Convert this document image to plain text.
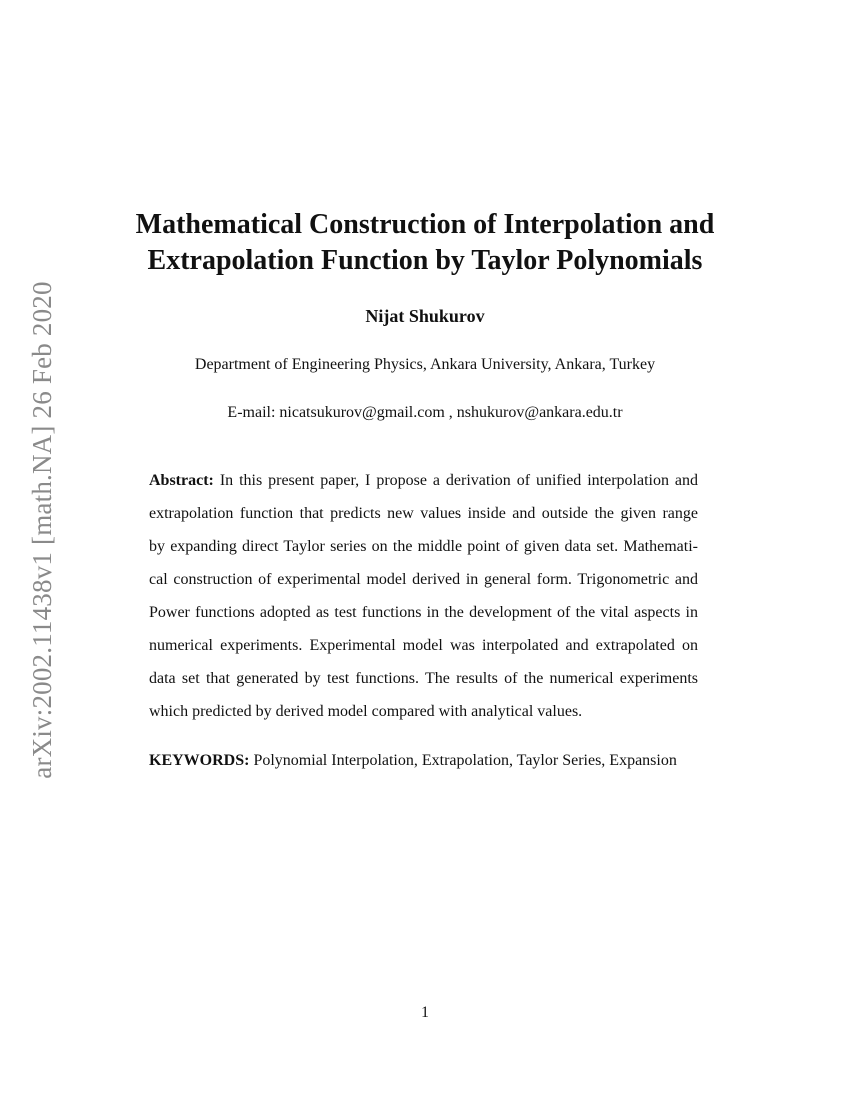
arXiv:2002.11438v1 [math.NA] 26 Feb 2020
Mathematical Construction of Interpolation and
Extrapolation Function by Taylor Polynomials
Nijat Shukurov
Department of Engineering Physics, Ankara University, Ankara, Turkey
E-mail: nicatsukurov@gmail.com , nshukurov@ankara.edu.tr

Abstract: In this present paper, I propose a derivation of unified interpolation and
extrapolation function that predicts new values inside and outside the given range
by expanding direct Taylor series on the middle point of given data set. Mathemati-
cal construction of experimental model derived in general form. Trigonometric and
Power functions adopted as test functions in the development of the vital aspects in
numerical experiments. Experimental model was interpolated and extrapolated on
data set that generated by test functions. The results of the numerical experiments
which predicted by derived model compared with analytical values.

KEYWORDS: Polynomial Interpolation, Extrapolation, Taylor Series, Expansion
1
